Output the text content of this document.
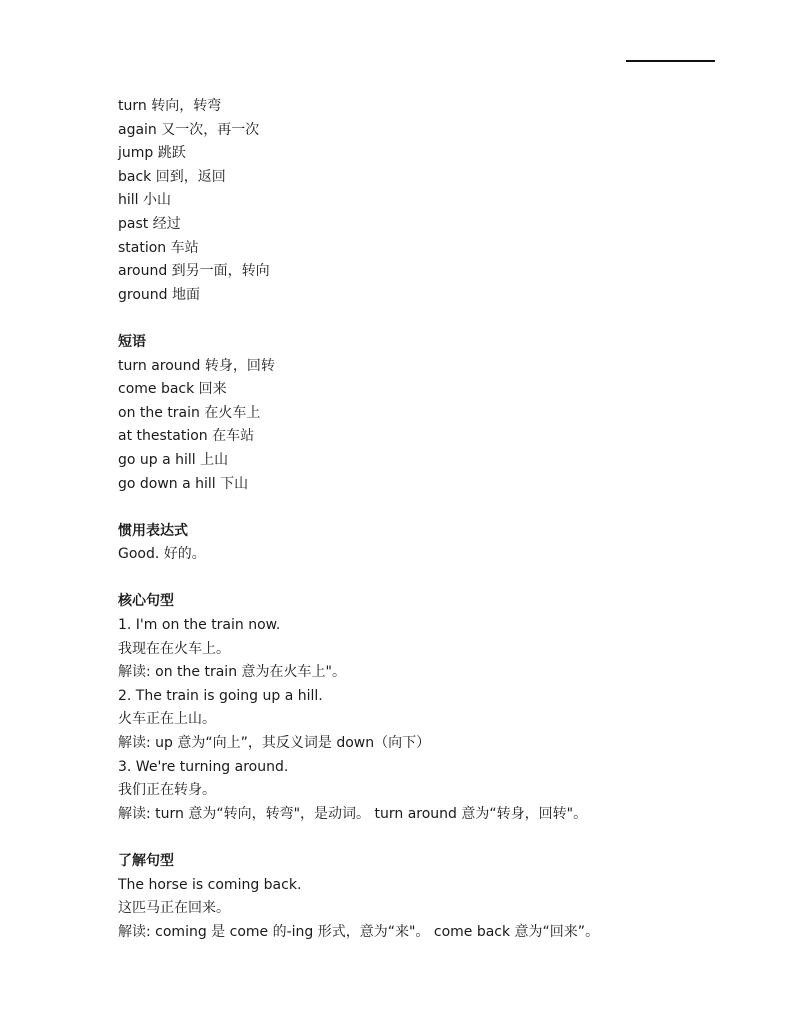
turn 转向，转弯
again 又一次，再一次
jump 跳跃
back 回到，返回
hill 小山
past 经过
station 车站
around 到另一面，转向
ground 地面
短语
turn around 转身，回转
come back 回来
on the train 在火车上
at thestation 在车站
go up a hill 上山
go down a hill 下山
惯用表达式
Good. 好的。
核心句型
1. I'm on the train now.
我现在在火车上。
解读: on the train 意为在火车上"。
2. The train is going up a hill.
火车正在上山。
解读: up 意为“向上”，其反义词是 down（向下）
3. We're turning around.
我们正在转身。
解读: turn 意为“转向，转弯"，是动词。 turn around 意为“转身，回转"。
了解句型
The horse is coming back.
这匹马正在回来。
解读: coming 是 come 的-ing 形式，意为“来"。 come back 意为“回来”。
